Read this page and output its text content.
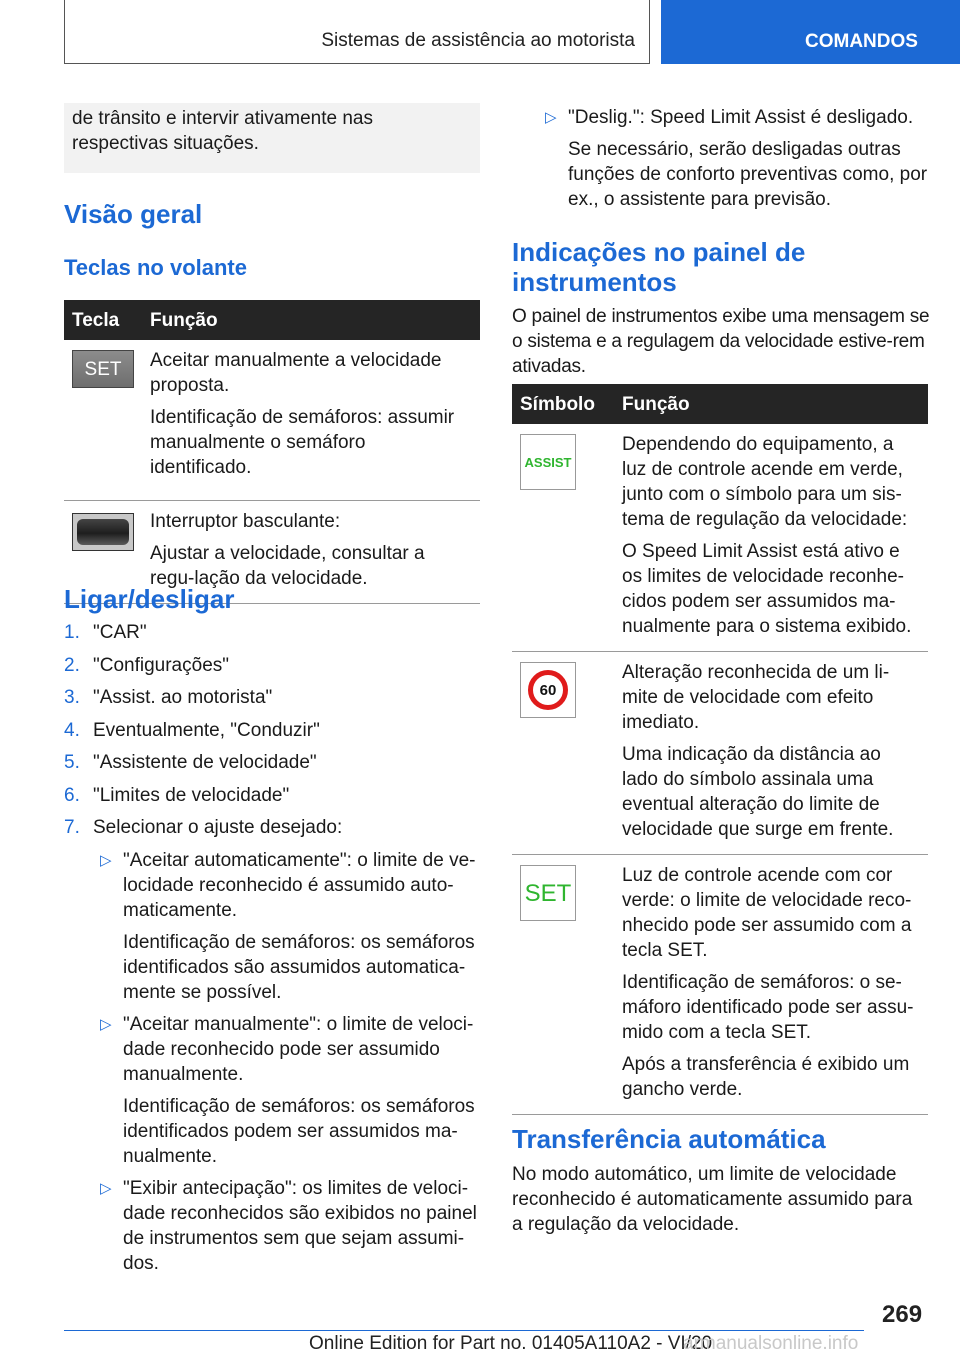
Sistemas de assistência ao motorista	COMANDOS
de trânsito e intervir ativamente nas respectivas situações.
Visão geral
Teclas no volante
Tecla	Função

SET	Aceitar manualmente a velocidade proposta.

Identificação de semáforos: assumir manualmente o semáforo identificado.

	Interruptor basculante:

Ajustar a velocidade, consultar a regu-lação da velocidade.

Ligar/desligar
1. "CAR"
2. "Configurações"
3. "Assist. ao motorista"
4. Eventualmente, "Conduzir"
5. "Assistente de velocidade"
6. "Limites de velocidade"
7. Selecionar o ajuste desejado:
▷ "Aceitar automaticamente": o limite de ve-locidade reconhecido é assumido auto-maticamente.

Identificação de semáforos: os semáforos identificados são assumidos automatica-mente se possível.

▷ "Aceitar manualmente": o limite de veloci-dade reconhecido pode ser assumido manualmente.

Identificação de semáforos: os semáforos identificados podem ser assumidos ma-nualmente.

▷ "Exibir antecipação": os limites de veloci-dade reconhecidos são exibidos no painel de instrumentos sem que sejam assumi-dos.

▷ "Deslig.": Speed Limit Assist é desligado.

Se necessário, serão desligadas outras funções de conforto preventivas como, por ex., o assistente para previsão.

Indicações no painel de instrumentos
O painel de instrumentos exibe uma mensagem se o sistema e a regulagem da velocidade estive-rem ativadas.
Símbolo	Função

ASSIST	Dependendo do equipamento, a luz de controle acende em verde, junto com o símbolo para um sis-tema de regulação da velocidade:

O Speed Limit Assist está ativo e os limites de velocidade reconhe-cidos podem ser assumidos ma-nualmente para o sistema exibido.

60	Alteração reconhecida de um li-mite de velocidade com efeito imediato.

Uma indicação da distância ao lado do símbolo assinala uma eventual alteração do limite de velocidade que surge em frente.

SET	Luz de controle acende com cor verde: o limite de velocidade reco-nhecido pode ser assumido com a tecla SET.

Identificação de semáforos: o se-máforo identificado pode ser assu-mido com a tecla SET.

Após a transferência é exibido um gancho verde.

Transferência automática
No modo automático, um limite de velocidade reconhecido é automaticamente assumido para a regulação da velocidade.
269
Online Edition for Part no. 01405A110A2 - VI/20
armanualsonline.info
